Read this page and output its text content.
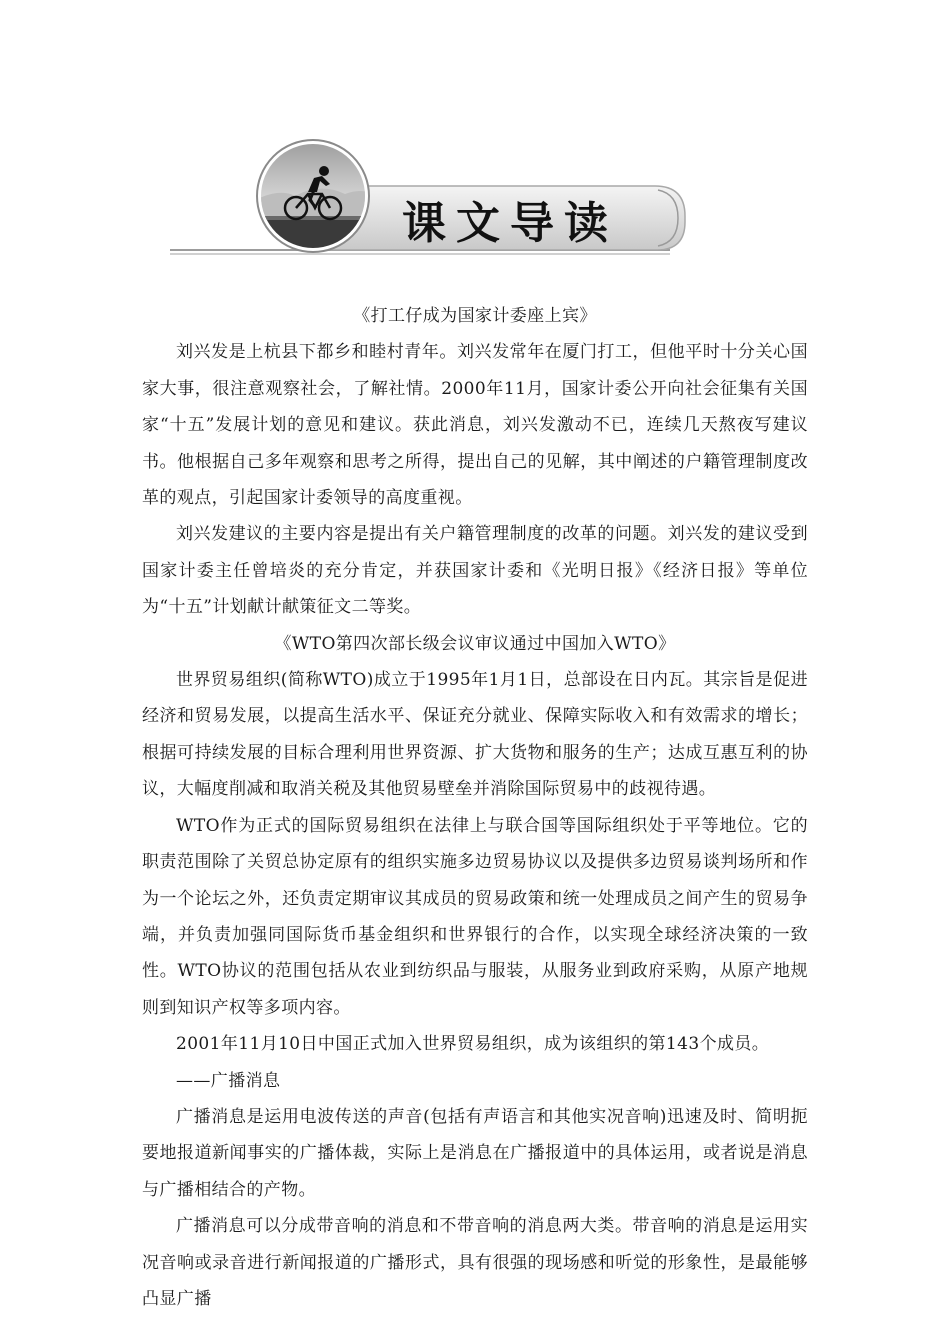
课文导读

《打工仔成为国家计委座上宾》

刘兴发是上杭县下都乡和睦村青年。刘兴发常年在厦门打工，但他平时十分关心国家大事，很注意观察社会，了解社情。2000年11月，国家计委公开向社会征集有关国家“十五”发展计划的意见和建议。获此消息，刘兴发激动不已，连续几天熬夜写建议书。他根据自己多年观察和思考之所得，提出自己的见解，其中阐述的户籍管理制度改革的观点，引起国家计委领导的高度重视。

刘兴发建议的主要内容是提出有关户籍管理制度的改革的问题。刘兴发的建议受到国家计委主任曾培炎的充分肯定，并获国家计委和《光明日报》《经济日报》等单位为“十五”计划献计献策征文二等奖。

《WTO第四次部长级会议审议通过中国加入WTO》

世界贸易组织(简称WTO)成立于1995年1月1日，总部设在日内瓦。其宗旨是促进经济和贸易发展，以提高生活水平、保证充分就业、保障实际收入和有效需求的增长；根据可持续发展的目标合理利用世界资源、扩大货物和服务的生产；达成互惠互利的协议，大幅度削减和取消关税及其他贸易壁垒并消除国际贸易中的歧视待遇。

WTO作为正式的国际贸易组织在法律上与联合国等国际组织处于平等地位。它的职责范围除了关贸总协定原有的组织实施多边贸易协议以及提供多边贸易谈判场所和作为一个论坛之外，还负责定期审议其成员的贸易政策和统一处理成员之间产生的贸易争端，并负责加强同国际货币基金组织和世界银行的合作，以实现全球经济决策的一致性。WTO协议的范围包括从农业到纺织品与服装，从服务业到政府采购，从原产地规则到知识产权等多项内容。

2001年11月10日中国正式加入世界贸易组织，成为该组织的第143个成员。

——广播消息

广播消息是运用电波传送的声音(包括有声语言和其他实况音响)迅速及时、简明扼要地报道新闻事实的广播体裁，实际上是消息在广播报道中的具体运用，或者说是消息与广播相结合的产物。

广播消息可以分成带音响的消息和不带音响的消息两大类。带音响的消息是运用实况音响或录音进行新闻报道的广播形式，具有很强的现场感和听觉的形象性，是最能够凸显广播
